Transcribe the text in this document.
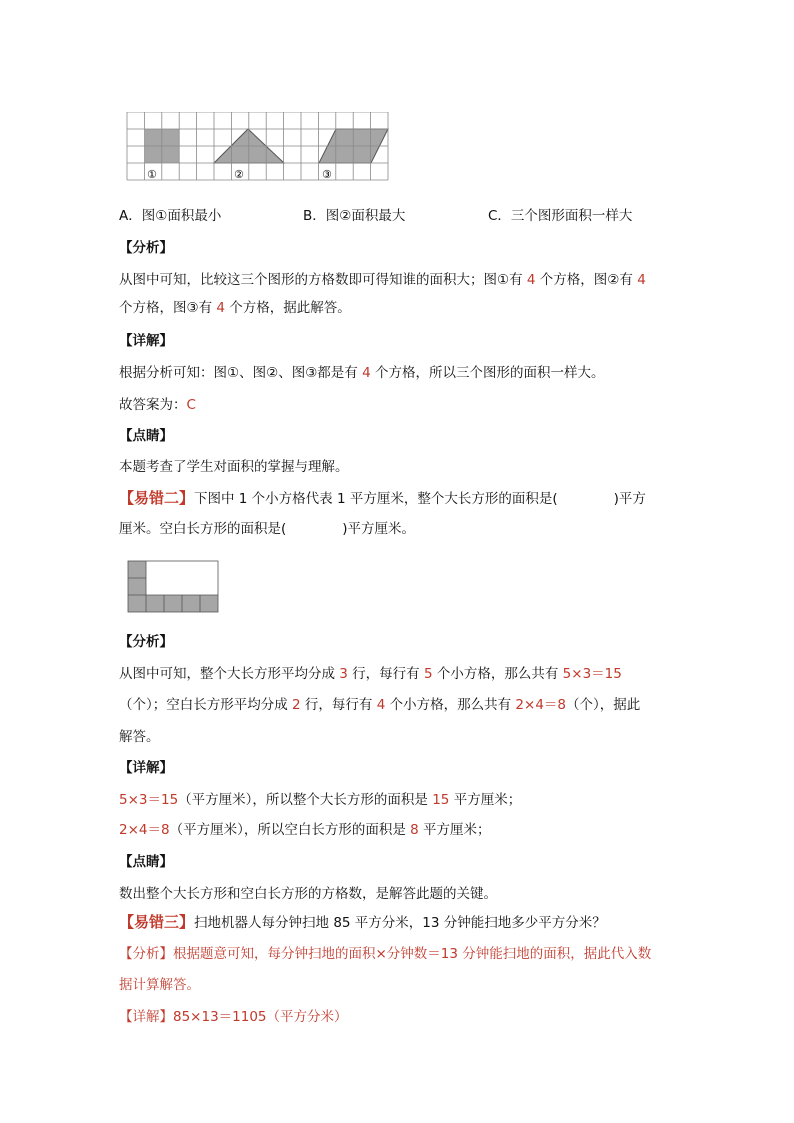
①	②	③
A．图①面积最小	B．图②面积最大	C．三个图形面积一样大
【分析】
从图中可知，比较这三个图形的方格数即可得知谁的面积大；图①有 4 个方格，图②有 4
个方格，图③有 4 个方格，据此解答。
【详解】
根据分析可知：图①、图②、图③都是有 4 个方格，所以三个图形的面积一样大。
故答案为：C
【点睛】
本题考查了学生对面积的掌握与理解。
【易错二】下图中 1 个小方格代表 1 平方厘米，整个大长方形的面积是(	)平方
厘米。空白长方形的面积是(	)平方厘米。
【分析】
从图中可知，整个大长方形平均分成 3 行，每行有 5 个小方格，那么共有 5×3＝15
（个）；空白长方形平均分成 2 行，每行有 4 个小方格，那么共有 2×4＝8（个），据此
解答。
【详解】
5×3＝15（平方厘米），所以整个大长方形的面积是 15 平方厘米；
2×4＝8（平方厘米），所以空白长方形的面积是 8 平方厘米；
【点睛】
数出整个大长方形和空白长方形的方格数，是解答此题的关键。
【易错三】扫地机器人每分钟扫地 85 平方分米，13 分钟能扫地多少平方分米？
【分析】根据题意可知，每分钟扫地的面积×分钟数＝13 分钟能扫地的面积，据此代入数
据计算解答。
【详解】85×13＝1105（平方分米）
